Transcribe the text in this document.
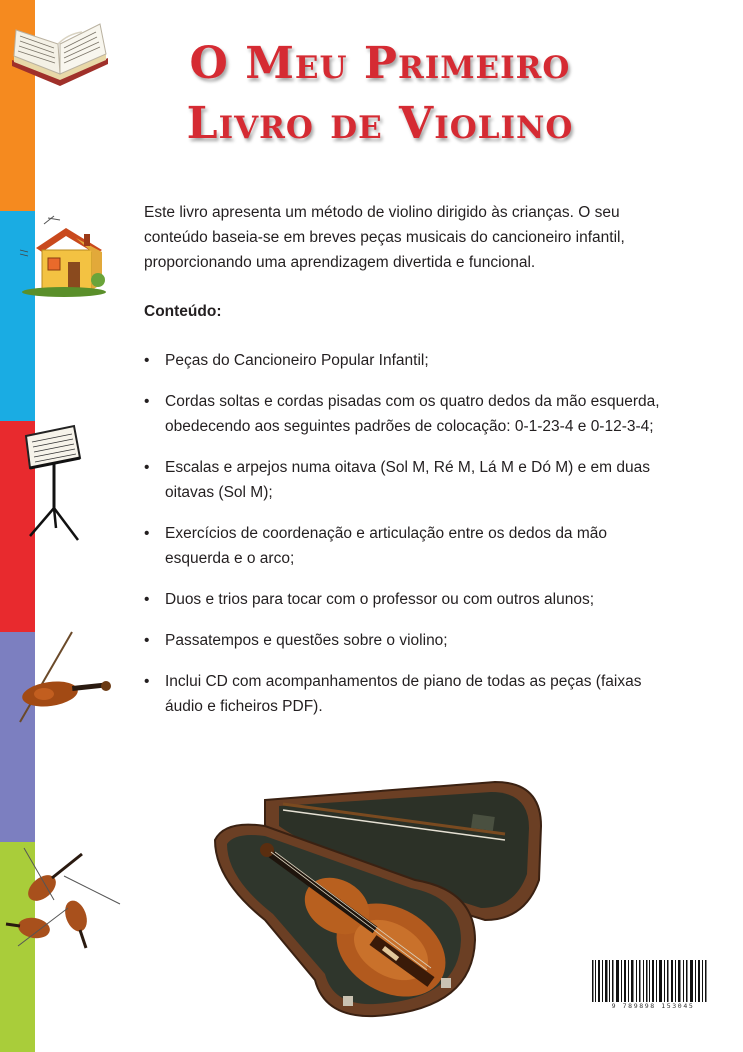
O Meu Primeiro
Livro de Violino

Este livro apresenta um método de violino dirigido às crianças. O seu conteúdo baseia-se em breves peças musicais do cancioneiro infantil, proporcionando uma aprendizagem divertida e funcional.

Conteúdo:

• Peças do Cancioneiro Popular Infantil;
• Cordas soltas e cordas pisadas com os quatro dedos da mão esquerda, obedecendo aos seguintes padrões de colocação: 0-1-23-4 e 0-12-3-4;
• Escalas e arpejos numa oitava (Sol M, Ré M, Lá M e Dó M) e em duas oitavas (Sol M);
• Exercícios de coordenação e articulação entre os dedos da mão esquerda e o arco;
• Duos e trios para tocar com o professor ou com outros alunos;
• Passatempos e questões sobre o violino;
• Inclui CD com acompanhamentos de piano de todas as peças (faixas áudio e ficheiros PDF).
9 789898 153045
